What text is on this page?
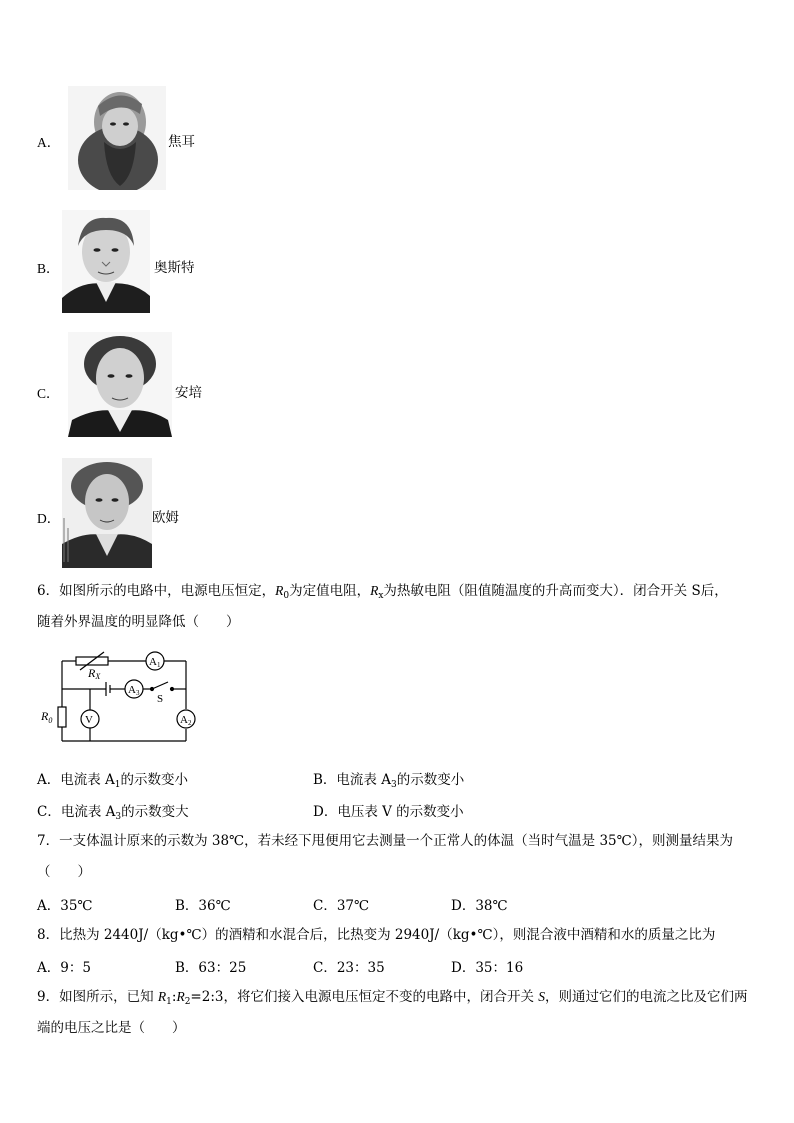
A．	焦耳
B．	奥斯特
C．	安培
D．	欧姆
6．如图所示的电路中，电源电压恒定，$R_0$为定值电阻，$R_x$为热敏电阻（阻值随温度的升高而变大）．闭合开关 S后，
随着外界温度的明显降低（　　）
A1
A3
V	A2
RX
$R_0$
S
A．电流表 $A_1$的示数变小	B．电流表 $A_3$的示数变小
C．电流表 $A_3$的示数变大	D．电压表 V 的示数变小
7．一支体温计原来的示数为 38℃，若未经下甩便用它去测量一个正常人的体温（当时气温是 35℃），则测量结果为
（　　）
A．35℃	B．36℃	C．37℃	D．38℃
8．比热为 2440J/（kg•℃）的酒精和水混合后，比热变为 2940J/（kg•℃），则混合液中酒精和水的质量之比为
A．9：5	B．63：25	C．23：35	D．35：16
9．如图所示，已知 $R_1:R_2=2:3$，将它们接入电源电压恒定不变的电路中，闭合开关 S，则通过它们的电流之比及它们两
端的电压之比是（　　）
